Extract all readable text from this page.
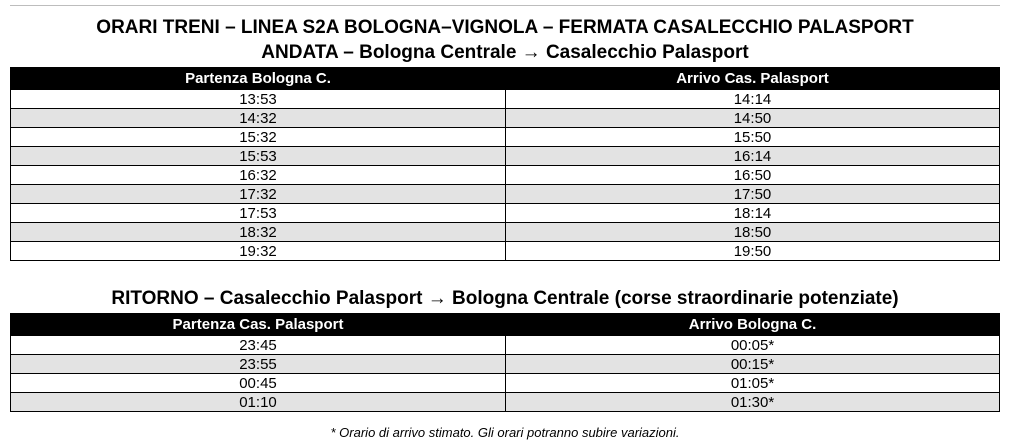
ORARI TRENI – LINEA S2A BOLOGNA–VIGNOLA – FERMATA CASALECCHIO PALASPORT
ANDATA – Bologna Centrale → Casalecchio Palasport
Partenza Bologna C.	Arrivo Cas. Palasport
13:53	14:14
14:32	14:50
15:32	15:50
15:53	16:14
16:32	16:50
17:32	17:50
17:53	18:14
18:32	18:50
19:32	19:50
RITORNO – Casalecchio Palasport → Bologna Centrale (corse straordinarie potenziate)
Partenza Cas. Palasport	Arrivo Bologna C.
23:45	00:05*
23:55	00:15*
00:45	01:05*
01:10	01:30*
* Orario di arrivo stimato. Gli orari potranno subire variazioni.
